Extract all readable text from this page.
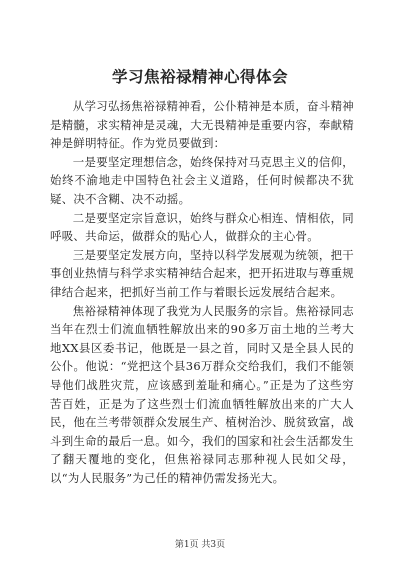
学习焦裕禄精神心得体会

从学习弘扬焦裕禄精神看，公仆精神是本质，奋斗精神是精髓，求实精神是灵魂，大无畏精神是重要内容，奉献精神是鲜明特征。作为党员要做到：

一是要坚定理想信念，始终保持对马克思主义的信仰，始终不渝地走中国特色社会主义道路，任何时候都决不犹疑、决不含糊、决不动摇。

二是要坚定宗旨意识，始终与群众心相连、情相依，同呼吸、共命运，做群众的贴心人，做群众的主心骨。

三是要坚定发展方向，坚持以科学发展观为统领，把干事创业热情与科学求实精神结合起来，把开拓进取与尊重规律结合起来，把抓好当前工作与着眼长远发展结合起来。

焦裕禄精神体现了我党为人民服务的宗旨。焦裕禄同志当年在烈士们流血牺牲解放出来的90多万亩土地的兰考大地XX县区委书记，他既是一县之首，同时又是全县人民的公仆。他说：“党把这个县36万群众交给我们，我们不能领导他们战胜灾荒，应该感到羞耻和痛心。”正是为了这些穷苦百姓，正是为了这些烈士们流血牺牲解放出来的广大人民，他在兰考带领群众发展生产、植树治沙、脱贫致富，战斗到生命的最后一息。如今，我们的国家和社会生活都发生了翻天覆地的变化，但焦裕禄同志那种视人民如父母，以“为人民服务”为己任的精神仍需发扬光大。

第1页 共3页
